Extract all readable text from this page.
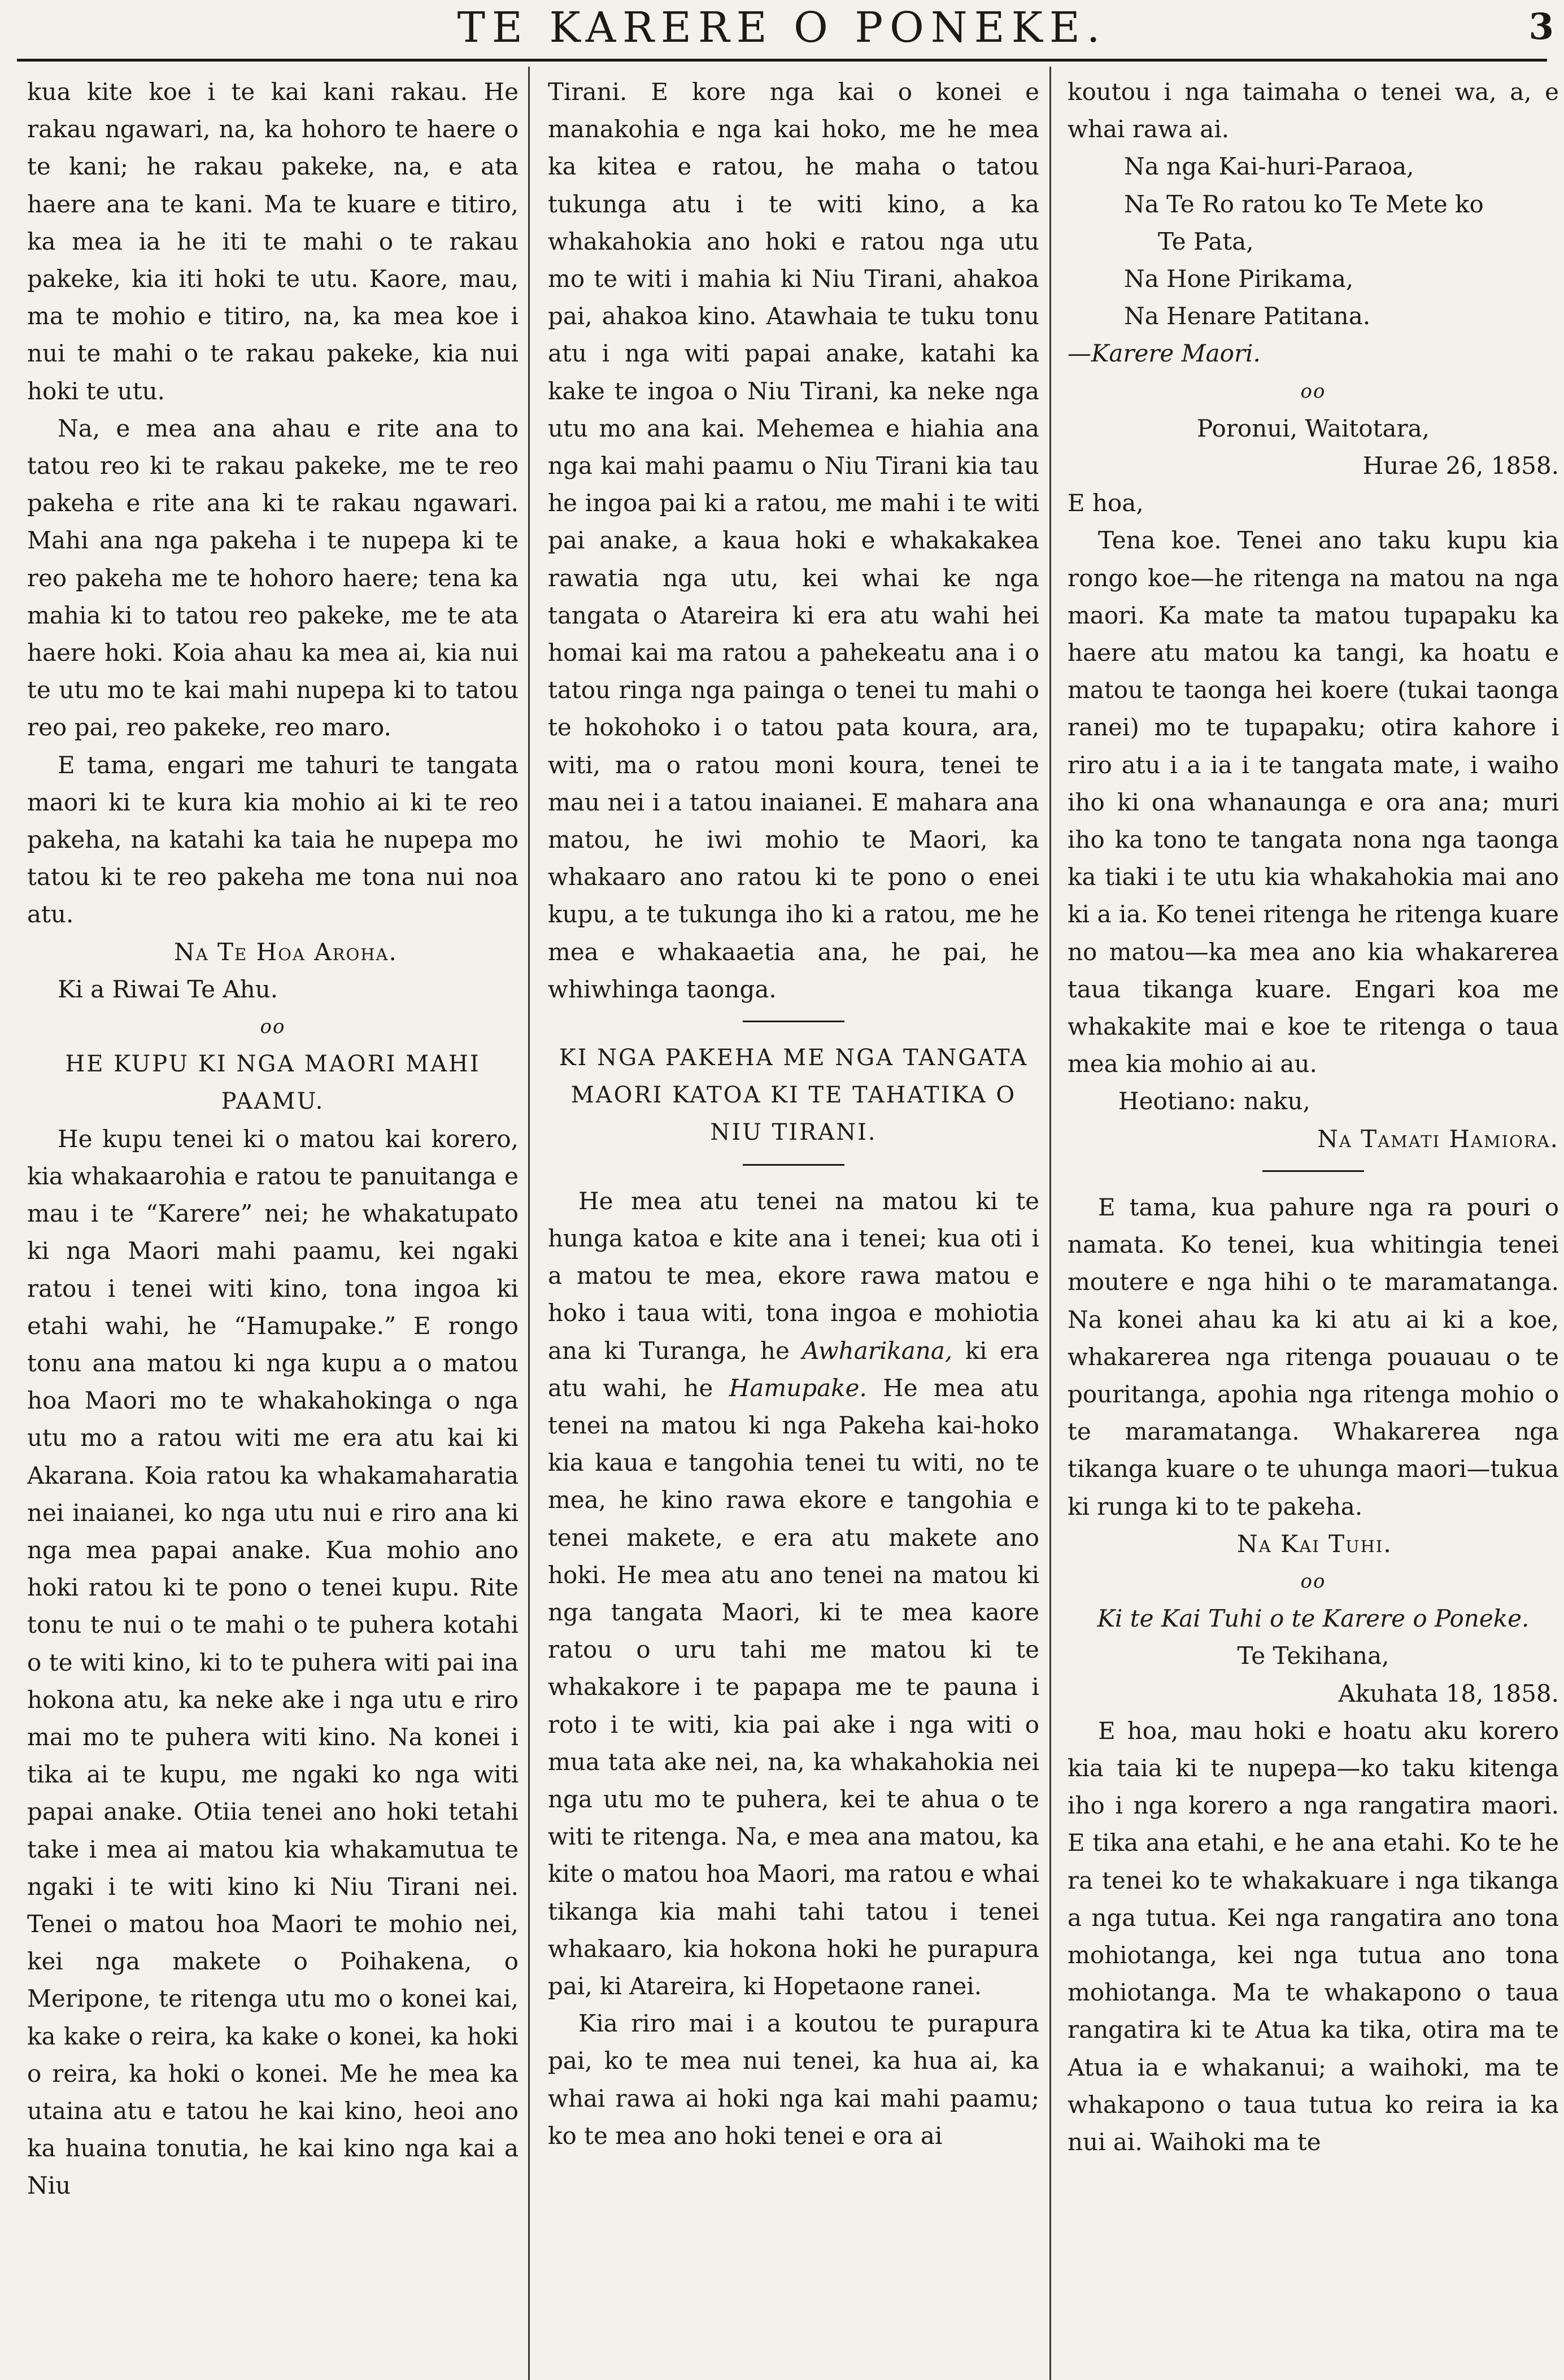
TE KARERE O PONEKE.	3

kua kite koe i te kai kani rakau. He rakau ngawari, na, ka hohoro te haere o te kani; he rakau pakeke, na, e ata haere ana te kani. Ma te kuare e titiro, ka mea ia he iti te mahi o te rakau pakeke, kia iti hoki te utu. Kaore, mau, ma te mohio e titiro, na, ka mea koe i nui te mahi o te rakau pakeke, kia nui hoki te utu.

Na, e mea ana ahau e rite ana to tatou reo ki te rakau pakeke, me te reo pakeha e rite ana ki te rakau ngawari. Mahi ana nga pakeha i te nupepa ki te reo pakeha me te hohoro haere; tena ka mahia ki to tatou reo pakeke, me te ata haere hoki. Koia ahau ka mea ai, kia nui te utu mo te kai mahi nupepa ki to tatou reo pai, reo pakeke, reo maro.

E tama, engari me tahuri te tangata maori ki te kura kia mohio ai ki te reo pakeha, na katahi ka taia he nupepa mo tatou ki te reo pakeha me tona nui noa atu.

Na Te Hoa Aroha.

Ki a Riwai Te Ahu.

oo

HE KUPU KI NGA MAORI MAHI PAAMU.

He kupu tenei ki o matou kai korero, kia whakaarohia e ratou te panuitanga e mau i te “Karere” nei; he whakatupato ki nga Maori mahi paamu, kei ngaki ratou i tenei witi kino, tona ingoa ki etahi wahi, he “Hamupake.” E rongo tonu ana matou ki nga kupu a o matou hoa Maori mo te whakahokinga o nga utu mo a ratou witi me era atu kai ki Akarana. Koia ratou ka whakamaharatia nei inaianei, ko nga utu nui e riro ana ki nga mea papai anake. Kua mohio ano hoki ratou ki te pono o tenei kupu. Rite tonu te nui o te mahi o te puhera kotahi o te witi kino, ki to te puhera witi pai ina hokona atu, ka neke ake i nga utu e riro mai mo te puhera witi kino. Na konei i tika ai te kupu, me ngaki ko nga witi papai anake. Otiia tenei ano hoki tetahi take i mea ai matou kia whakamutua te ngaki i te witi kino ki Niu Tirani nei. Tenei o matou hoa Maori te mohio nei, kei nga makete o Poihakena, o Meripone, te ritenga utu mo o konei kai, ka kake o reira, ka kake o konei, ka hoki o reira, ka hoki o konei. Me he mea ka utaina atu e tatou he kai kino, heoi ano ka huaina tonutia, he kai kino nga kai a Niu

Tirani. E kore nga kai o konei e manakohia e nga kai hoko, me he mea ka kitea e ratou, he maha o tatou tukunga atu i te witi kino, a ka whakahokia ano hoki e ratou nga utu mo te witi i mahia ki Niu Tirani, ahakoa pai, ahakoa kino. Atawhaia te tuku tonu atu i nga witi papai anake, katahi ka kake te ingoa o Niu Tirani, ka neke nga utu mo ana kai. Mehemea e hiahia ana nga kai mahi paamu o Niu Tirani kia tau he ingoa pai ki a ratou, me mahi i te witi pai anake, a kaua hoki e whakakakea rawatia nga utu, kei whai ke nga tangata o Atareira ki era atu wahi hei homai kai ma ratou a pahekeatu ana i o tatou ringa nga painga o tenei tu mahi o te hokohoko i o tatou pata koura, ara, witi, ma o ratou moni koura, tenei te mau nei i a tatou inaianei. E mahara ana matou, he iwi mohio te Maori, ka whakaaro ano ratou ki te pono o enei kupu, a te tukunga iho ki a ratou, me he mea e whakaaetia ana, he pai, he whiwhinga taonga.

KI NGA PAKEHA ME NGA TANGATA MAORI KATOA KI TE TAHATIKA O NIU TIRANI.

He mea atu tenei na matou ki te hunga katoa e kite ana i tenei; kua oti i a matou te mea, ekore rawa matou e hoko i taua witi, tona ingoa e mohiotia ana ki Turanga, he Awharikana, ki era atu wahi, he Hamupake. He mea atu tenei na matou ki nga Pakeha kai-hoko kia kaua e tangohia tenei tu witi, no te mea, he kino rawa ekore e tangohia e tenei makete, e era atu makete ano hoki. He mea atu ano tenei na matou ki nga tangata Maori, ki te mea kaore ratou o uru tahi me matou ki te whakakore i te papapa me te pauna i roto i te witi, kia pai ake i nga witi o mua tata ake nei, na, ka whakahokia nei nga utu mo te puhera, kei te ahua o te witi te ritenga. Na, e mea ana matou, ka kite o matou hoa Maori, ma ratou e whai tikanga kia mahi tahi tatou i tenei whakaaro, kia hokona hoki he purapura pai, ki Atareira, ki Hopetaone ranei.

Kia riro mai i a koutou te purapura pai, ko te mea nui tenei, ka hua ai, ka whai rawa ai hoki nga kai mahi paamu; ko te mea ano hoki tenei e ora ai

koutou i nga taimaha o tenei wa, a, e whai rawa ai.

Na nga Kai-huri-Paraoa,

Na Te Ro ratou ko Te Mete ko

Te Pata,

Na Hone Pirikama,

Na Henare Patitana.

—Karere Maori.

oo

Poronui, Waitotara,

Hurae 26, 1858.

E hoa,

Tena koe. Tenei ano taku kupu kia rongo koe—he ritenga na matou na nga maori. Ka mate ta matou tupapaku ka haere atu matou ka tangi, ka hoatu e matou te taonga hei koere (tukai taonga ranei) mo te tupapaku; otira kahore i riro atu i a ia i te tangata mate, i waiho iho ki ona whanaunga e ora ana; muri iho ka tono te tangata nona nga taonga ka tiaki i te utu kia whakahokia mai ano ki a ia. Ko tenei ritenga he ritenga kuare no matou—ka mea ano kia whakarerea taua tikanga kuare. Engari koa me whakakite mai e koe te ritenga o taua mea kia mohio ai au.

Heotiano: naku,

Na Tamati Hamiora.

E tama, kua pahure nga ra pouri o namata. Ko tenei, kua whitingia tenei moutere e nga hihi o te maramatanga. Na konei ahau ka ki atu ai ki a koe, whakarerea nga ritenga pouauau o te pouritanga, apohia nga ritenga mohio o te maramatanga. Whakarerea nga tikanga kuare o te uhunga maori—tukua ki runga ki to te pakeha.

Na Kai Tuhi.

oo

Ki te Kai Tuhi o te Karere o Poneke.

Te Tekihana,

Akuhata 18, 1858.

E hoa, mau hoki e hoatu aku korero kia taia ki te nupepa—ko taku kitenga iho i nga korero a nga rangatira maori. E tika ana etahi, e he ana etahi. Ko te he ra tenei ko te whakakuare i nga tikanga a nga tutua. Kei nga rangatira ano tona mohiotanga, kei nga tutua ano tona mohiotanga. Ma te whakapono o taua rangatira ki te Atua ka tika, otira ma te Atua ia e whakanui; a waihoki, ma te whakapono o taua tutua ko reira ia ka nui ai. Waihoki ma te
